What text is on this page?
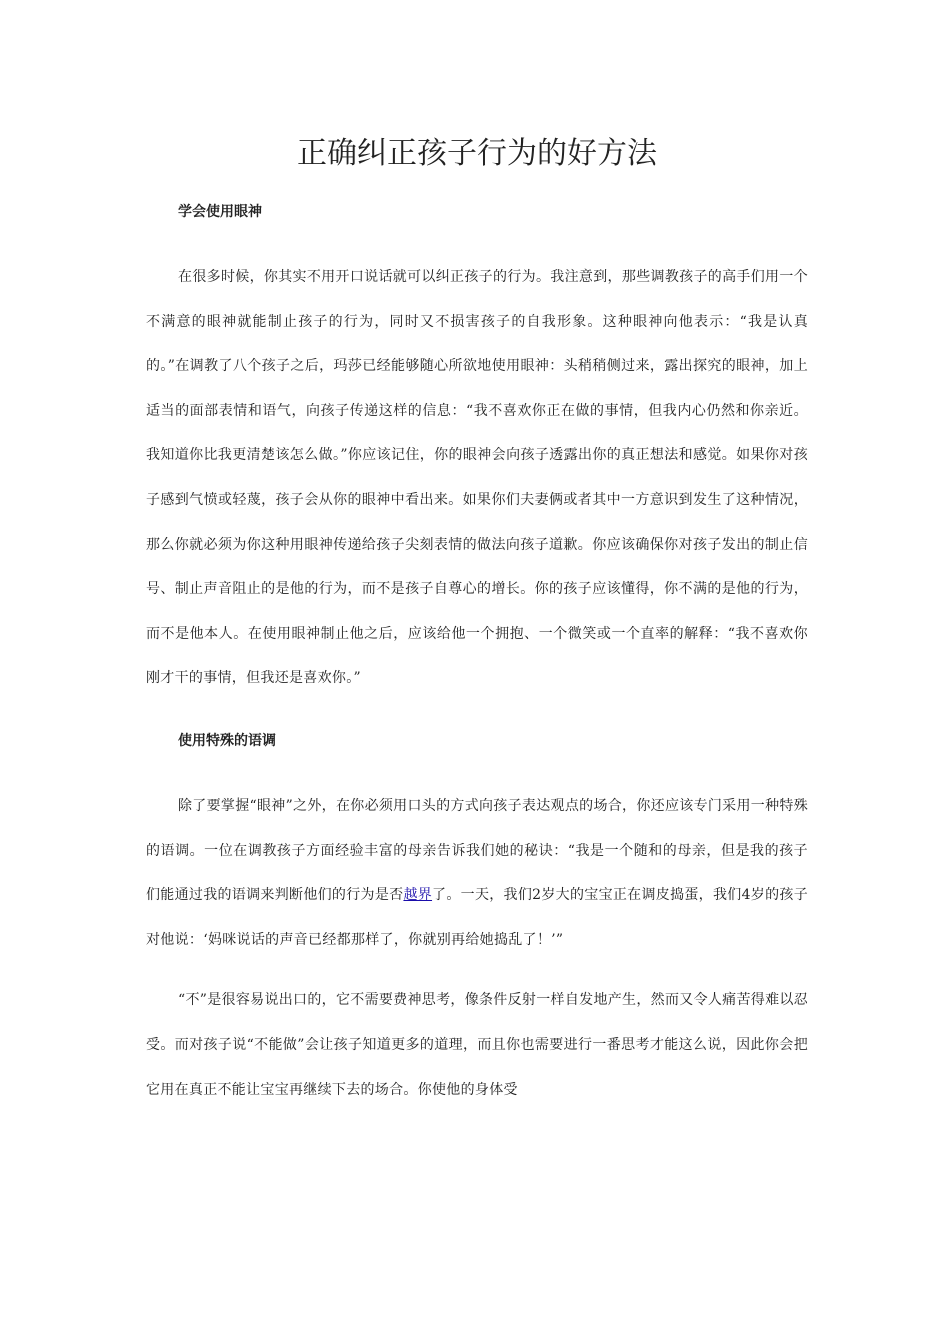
正确纠正孩子行为的好方法
学会使用眼神

在很多时候，你其实不用开口说话就可以纠正孩子的行为。我注意到，那些调教孩子的高手们用一个不满意的眼神就能制止孩子的行为，同时又不损害孩子的自我形象。这种眼神向他表示：“我是认真的。”在调教了八个孩子之后，玛莎已经能够随心所欲地使用眼神：头稍稍侧过来，露出探究的眼神，加上适当的面部表情和语气，向孩子传递这样的信息：“我不喜欢你正在做的事情，但我内心仍然和你亲近。我知道你比我更清楚该怎么做。”你应该记住，你的眼神会向孩子透露出你的真正想法和感觉。如果你对孩子感到气愤或轻蔑，孩子会从你的眼神中看出来。如果你们夫妻俩或者其中一方意识到发生了这种情况，那么你就必须为你这种用眼神传递给孩子尖刻表情的做法向孩子道歉。你应该确保你对孩子发出的制止信号、制止声音阻止的是他的行为，而不是孩子自尊心的增长。你的孩子应该懂得，你不满的是他的行为，而不是他本人。在使用眼神制止他之后，应该给他一个拥抱、一个微笑或一个直率的解释：“我不喜欢你刚才干的事情，但我还是喜欢你。”

使用特殊的语调

除了要掌握“眼神”之外，在你必须用口头的方式向孩子表达观点的场合，你还应该专门采用一种特殊的语调。一位在调教孩子方面经验丰富的母亲告诉我们她的秘诀：“我是一个随和的母亲，但是我的孩子们能通过我的语调来判断他们的行为是否越界了。一天，我们2岁大的宝宝正在调皮捣蛋，我们4岁的孩子对他说：‘妈咪说话的声音已经都那样了，你就别再给她捣乱了！’”

“不”是很容易说出口的，它不需要费神思考，像条件反射一样自发地产生，然而又令人痛苦得难以忍受。而对孩子说“不能做”会让孩子知道更多的道理，而且你也需要进行一番思考才能这么说，因此你会把它用在真正不能让宝宝再继续下去的场合。你使他的身体受
